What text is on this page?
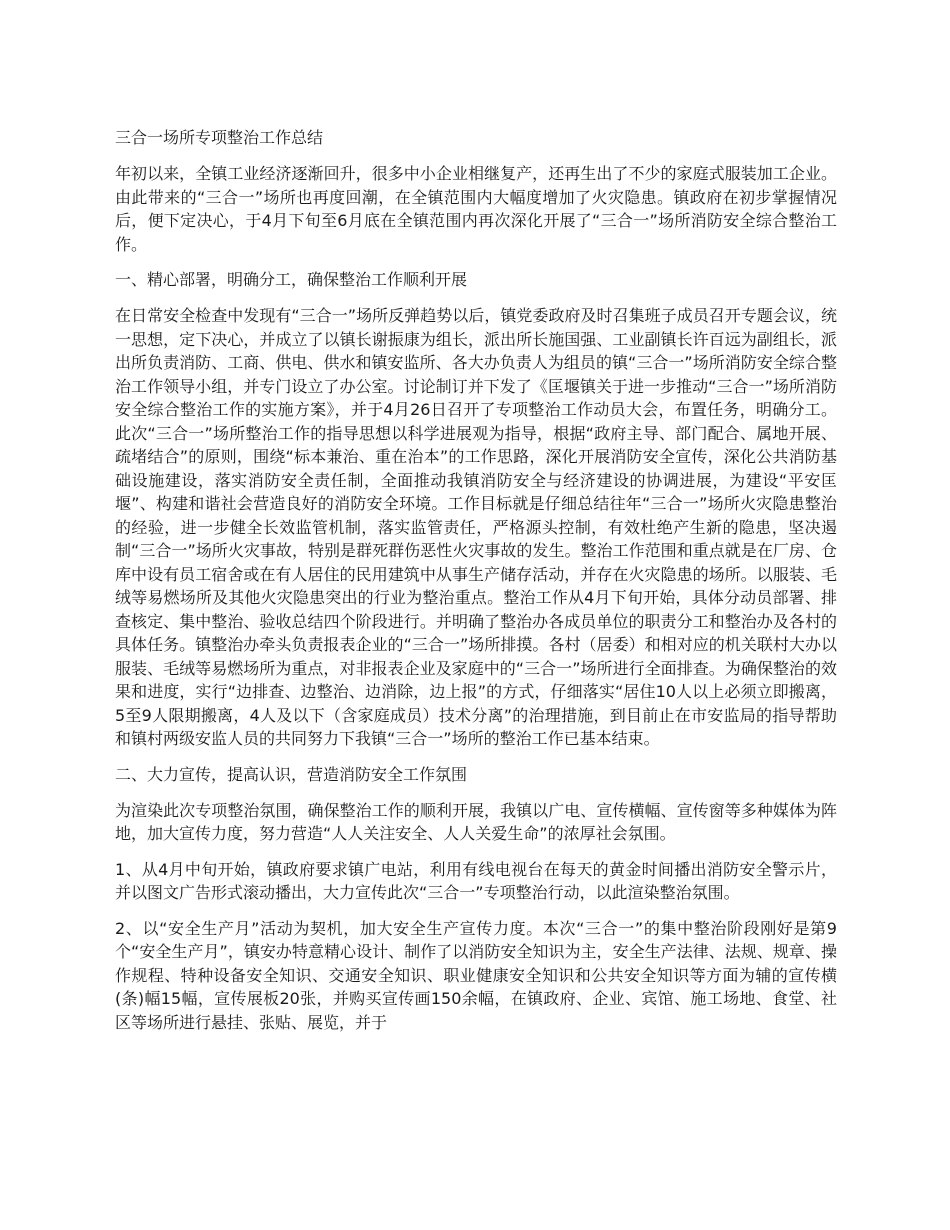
三合一场所专项整治工作总结

年初以来，全镇工业经济逐渐回升，很多中小企业相继复产，还再生出了不少的家庭式服装加工企业。由此带来的“三合一”场所也再度回潮，在全镇范围内大幅度增加了火灾隐患。镇政府在初步掌握情况后，便下定决心，于4月下旬至6月底在全镇范围内再次深化开展了“三合一”场所消防安全综合整治工作。

一、精心部署，明确分工，确保整治工作顺利开展

在日常安全检查中发现有“三合一”场所反弹趋势以后，镇党委政府及时召集班子成员召开专题会议，统一思想，定下决心，并成立了以镇长谢振康为组长，派出所长施国强、工业副镇长许百远为副组长，派出所负责消防、工商、供电、供水和镇安监所、各大办负责人为组员的镇“三合一”场所消防安全综合整治工作领导小组，并专门设立了办公室。讨论制订并下发了《匡堰镇关于进一步推动“三合一”场所消防安全综合整治工作的实施方案》，并于4月26日召开了专项整治工作动员大会，布置任务，明确分工。此次“三合一”场所整治工作的指导思想以科学进展观为指导，根据“政府主导、部门配合、属地开展、疏堵结合”的原则，围绕“标本兼治、重在治本”的工作思路，深化开展消防安全宣传，深化公共消防基础设施建设，落实消防安全责任制，全面推动我镇消防安全与经济建设的协调进展，为建设“平安匡堰”、构建和谐社会营造良好的消防安全环境。工作目标就是仔细总结往年“三合一”场所火灾隐患整治的经验，进一步健全长效监管机制，落实监管责任，严格源头控制，有效杜绝产生新的隐患，坚决遏制“三合一”场所火灾事故，特别是群死群伤恶性火灾事故的发生。整治工作范围和重点就是在厂房、仓库中设有员工宿舍或在有人居住的民用建筑中从事生产储存活动，并存在火灾隐患的场所。以服装、毛绒等易燃场所及其他火灾隐患突出的行业为整治重点。整治工作从4月下旬开始，具体分动员部署、排查核定、集中整治、验收总结四个阶段进行。并明确了整治办各成员单位的职责分工和整治办及各村的具体任务。镇整治办牵头负责报表企业的“三合一”场所排摸。各村（居委）和相对应的机关联村大办以服装、毛绒等易燃场所为重点，对非报表企业及家庭中的“三合一”场所进行全面排查。为确保整治的效果和进度，实行“边排查、边整治、边消除，边上报”的方式，仔细落实“居住10人以上必须立即搬离，5至9人限期搬离，4人及以下（含家庭成员）技术分离”的治理措施，到目前止在市安监局的指导帮助和镇村两级安监人员的共同努力下我镇“三合一”场所的整治工作已基本结束。

二、大力宣传，提高认识，营造消防安全工作氛围

为渲染此次专项整治氛围，确保整治工作的顺利开展，我镇以广电、宣传横幅、宣传窗等多种媒体为阵地，加大宣传力度，努力营造“人人关注安全、人人关爱生命”的浓厚社会氛围。

1、从4月中旬开始，镇政府要求镇广电站，利用有线电视台在每天的黄金时间播出消防安全警示片，并以图文广告形式滚动播出，大力宣传此次“三合一”专项整治行动，以此渲染整治氛围。

2、以“安全生产月”活动为契机，加大安全生产宣传力度。本次“三合一”的集中整治阶段刚好是第9个“安全生产月”，镇安办特意精心设计、制作了以消防安全知识为主，安全生产法律、法规、规章、操作规程、特种设备安全知识、交通安全知识、职业健康安全知识和公共安全知识等方面为辅的宣传横(条)幅15幅，宣传展板20张，并购买宣传画150余幅，在镇政府、企业、宾馆、施工场地、食堂、社区等场所进行悬挂、张贴、展览，并于
